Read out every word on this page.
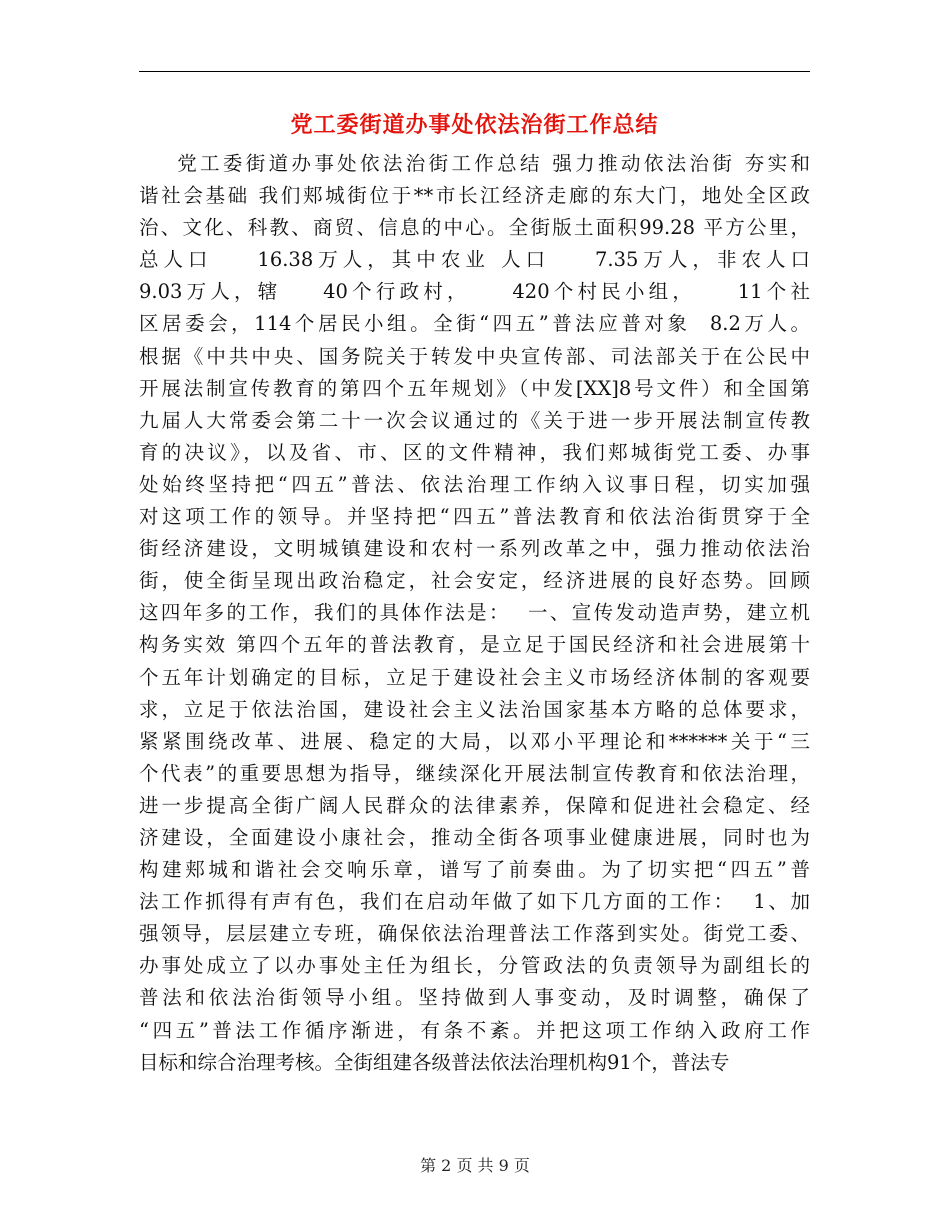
党工委街道办事处依法治街工作总结
党工委街道办事处依法治街工作总结 强力推动依法治街 夯实和
谐社会基础 我们郏城街位于**市长江经济走廊的东大门，地处全区政
治、文化、科教、商贸、信息的中心。全街版土面积99.28 平方公里，
总人口    16.38万人，其中农业 人口    7.35万人，非农人口
9.03万人，辖    40个行政村，    420个村民小组，    11个社
区居委会，114个居民小组。全街“四五”普法应普对象  8.2万人。
根据《中共中央、国务院关于转发中央宣传部、司法部关于在公民中
开展法制宣传教育的第四个五年规划》（中发[XX]8号文件）和全国第
九届人大常委会第二十一次会议通过的《关于进一步开展法制宣传教
育的决议》，以及省、市、区的文件精神，我们郏城街党工委、办事
处始终坚持把“四五”普法、依法治理工作纳入议事日程，切实加强
对这项工作的领导。并坚持把“四五”普法教育和依法治街贯穿于全
街经济建设，文明城镇建设和农村一系列改革之中，强力推动依法治
街，使全街呈现出政治稳定，社会安定，经济进展的良好态势。回顾
这四年多的工作，我们的具体作法是：  一、宣传发动造声势，建立机
构务实效 第四个五年的普法教育，是立足于国民经济和社会进展第十
个五年计划确定的目标，立足于建设社会主义市场经济体制的客观要
求，立足于依法治国，建设社会主义法治国家基本方略的总体要求，
紧紧围绕改革、进展、稳定的大局，以邓小平理论和******关于“三
个代表”的重要思想为指导，继续深化开展法制宣传教育和依法治理，
进一步提高全街广阔人民群众的法律素养，保障和促进社会稳定、经
济建设，全面建设小康社会，推动全街各项事业健康进展，同时也为
构建郏城和谐社会交响乐章，谱写了前奏曲。为了切实把“四五”普
法工作抓得有声有色，我们在启动年做了如下几方面的工作：  1、加
强领导，层层建立专班，确保依法治理普法工作落到实处。街党工委、
办事处成立了以办事处主任为组长，分管政法的负责领导为副组长的
普法和依法治街领导小组。坚持做到人事变动，及时调整，确保了
“四五”普法工作循序渐进，有条不紊。并把这项工作纳入政府工作
目标和综合治理考核。全街组建各级普法依法治理机构91个，普法专
第 2 页 共 9 页
